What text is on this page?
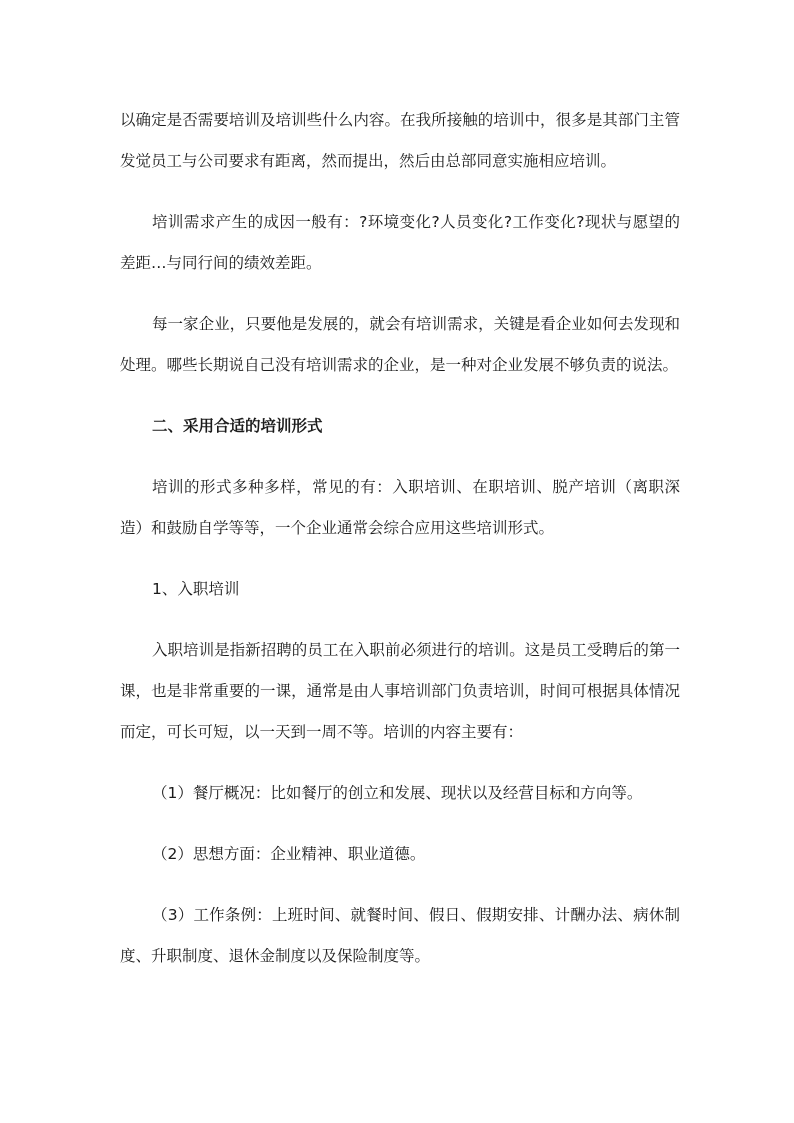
以确定是否需要培训及培训些什么内容。在我所接触的培训中，很多是其部门主管发觉员工与公司要求有距离，然而提出，然后由总部同意实施相应培训。

培训需求产生的成因一般有：?环境变化?人员变化?工作变化?现状与愿望的差距…与同行间的绩效差距。

每一家企业，只要他是发展的，就会有培训需求，关键是看企业如何去发现和处理。哪些长期说自己没有培训需求的企业，是一种对企业发展不够负责的说法。

二、采用合适的培训形式

培训的形式多种多样，常见的有：入职培训、在职培训、脱产培训（离职深造）和鼓励自学等等，一个企业通常会综合应用这些培训形式。

1、入职培训

入职培训是指新招聘的员工在入职前必须进行的培训。这是员工受聘后的第一课，也是非常重要的一课，通常是由人事培训部门负责培训，时间可根据具体情况而定，可长可短，以一天到一周不等。培训的内容主要有：

（1）餐厅概况：比如餐厅的创立和发展、现状以及经营目标和方向等。

（2）思想方面：企业精神、职业道德。

（3）工作条例：上班时间、就餐时间、假日、假期安排、计酬办法、病休制度、升职制度、退休金制度以及保险制度等。
